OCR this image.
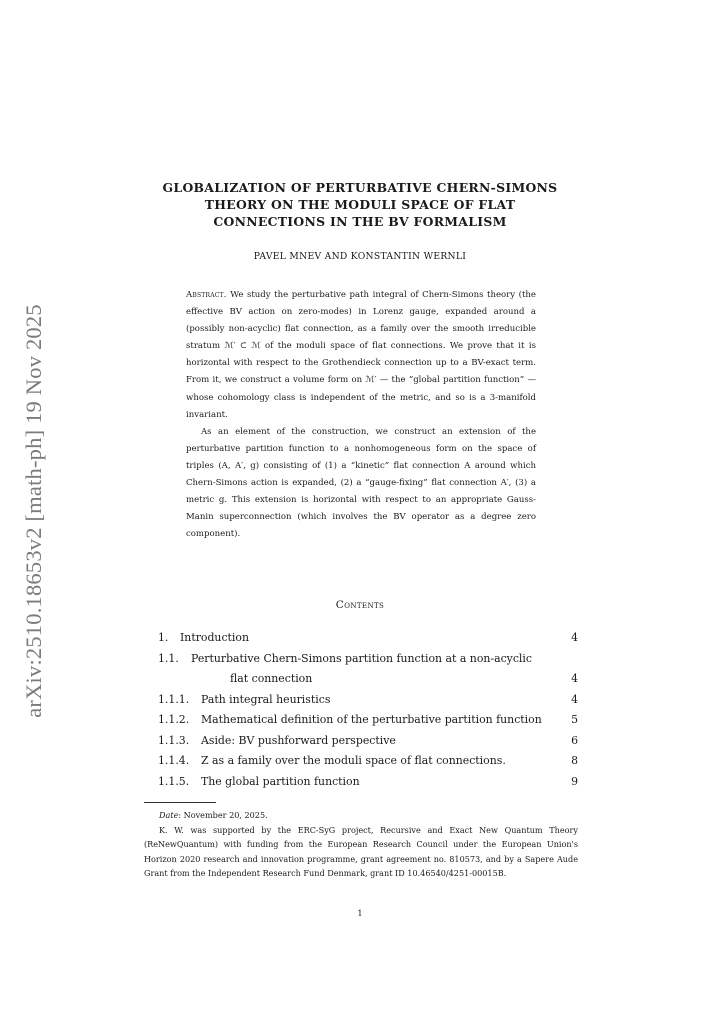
arXiv:2510.18653v2 [math-ph] 19 Nov 2025
GLOBALIZATION OF PERTURBATIVE CHERN-SIMONS
THEORY ON THE MODULI SPACE OF FLAT
CONNECTIONS IN THE BV FORMALISM
PAVEL MNEV AND KONSTANTIN WERNLI

Abstract. We study the perturbative path integral of Chern-Simons theory (the effective BV action on zero-modes) in Lorenz gauge, expanded around a (possibly non-acyclic) flat connection, as a family over the smooth irreducible stratum ℳ′ ⊂ ℳ of the moduli space of flat connections. We prove that it is horizontal with respect to the Grothendieck connection up to a BV-exact term. From it, we construct a volume form on ℳ′ — the “global partition function” — whose cohomology class is independent of the metric, and so is a 3-manifold invariant.

As an element of the construction, we construct an extension of the perturbative partition function to a nonhomogeneous form on the space of triples (A, A′, g) consisting of (1) a “kinetic” flat connection A around which Chern-Simons action is expanded, (2) a “gauge-fixing” flat connection A′, (3) a metric g. This extension is horizontal with respect to an appropriate Gauss-Manin superconnection (which involves the BV operator as a degree zero component).

Contents
1. Introduction	4
1.1. Perturbative Chern-Simons partition function at a non-acyclic
flat connection	4
1.1.1. Path integral heuristics	4
1.1.2. Mathematical definition of the perturbative partition function	5
1.1.3. Aside: BV pushforward perspective	6
1.1.4. Z as a family over the moduli space of flat connections.	8
1.1.5. The global partition function	9

Date: November 20, 2025.

K. W. was supported by the ERC-SyG project, Recursive and Exact New Quantum Theory (ReNewQuantum) with funding from the European Research Council under the European Union's Horizon 2020 research and innovation programme, grant agreement no. 810573, and by a Sapere Aude Grant from the Independent Research Fund Denmark, grant ID 10.46540/4251-00015B.

1
